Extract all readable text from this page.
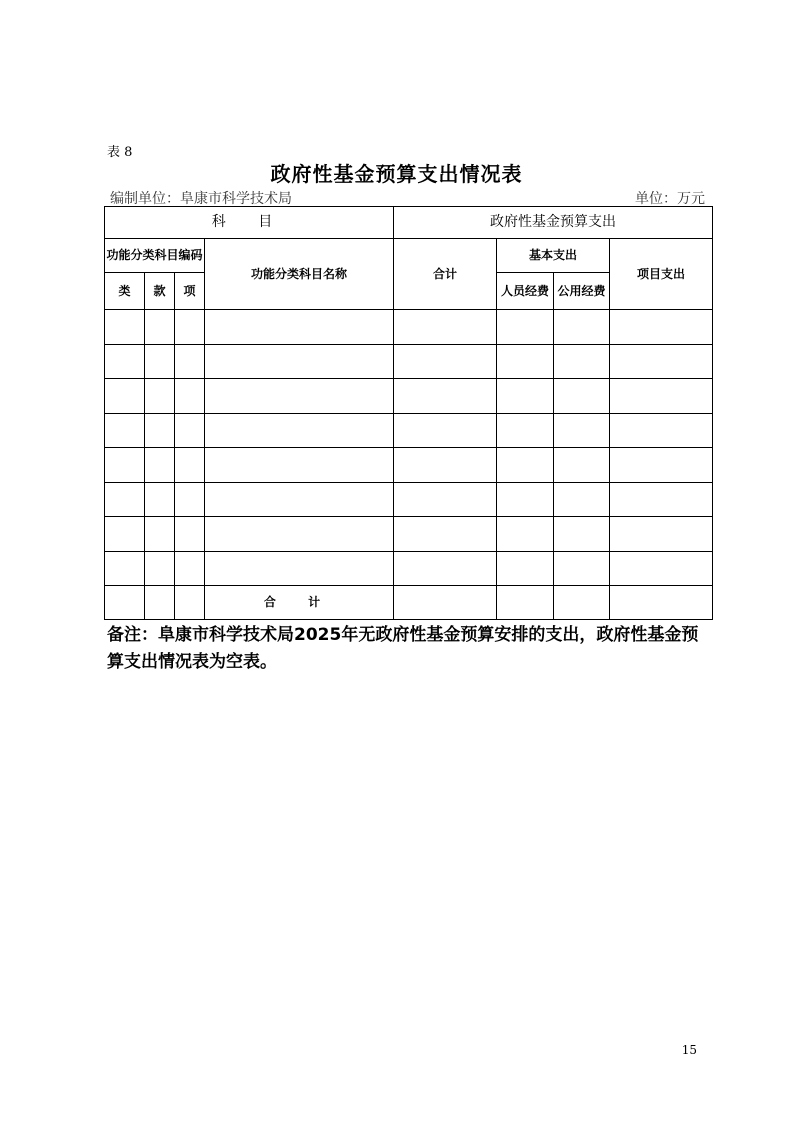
表 8
政府性基金预算支出情况表
编制单位：阜康市科学技术局	单位：万元
科 目				政府性基金预算支出			
功能分类科目编码			功能分类科目名称	合计	基本支出		项目支出
类	款	项			人员经费	公用经费	

			合 计				
备注：阜康市科学技术局2025年无政府性基金预算安排的支出，政府性基金预算支出情况表为空表。
15
